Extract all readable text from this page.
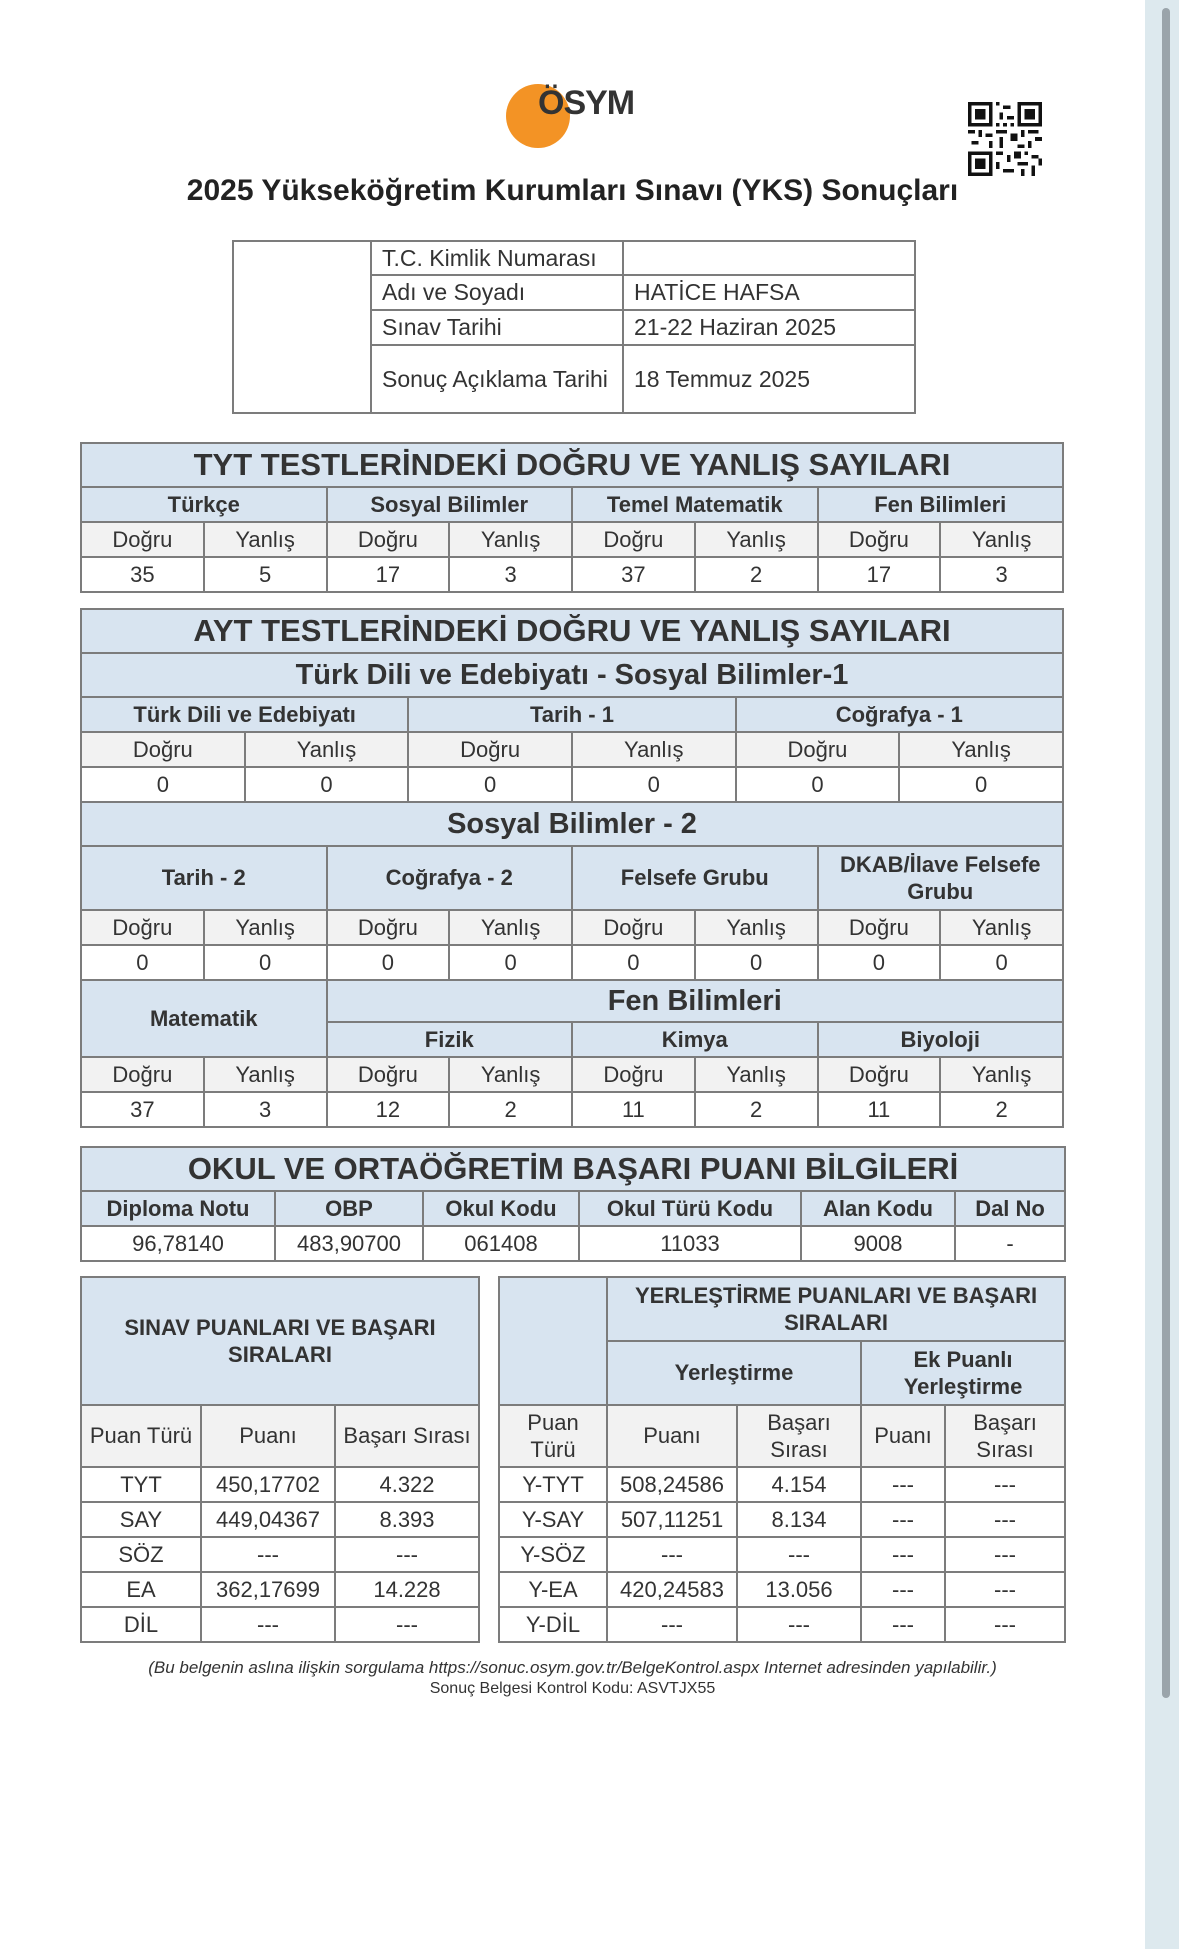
ÖSYM
2025 Yükseköğretim Kurumları Sınavı (YKS) Sonuçları
	T.C. Kimlik Numarası	
	Adı ve Soyadı	HATİCE HAFSA
	Sınav Tarihi	21-22 Haziran 2025
	Sonuç Açıklama Tarihi	18 Temmuz 2025
TYT TESTLERİNDEKİ DOĞRU VE YANLIŞ SAYILARI							
Türkçe		Sosyal Bilimler		Temel Matematik		Fen Bilimleri	
Doğru	Yanlış	Doğru	Yanlış	Doğru	Yanlış	Doğru	Yanlış
35	5	17	3	37	2	17	3
AYT TESTLERİNDEKİ DOĞRU VE YANLIŞ SAYILARI					
Türk Dili ve Edebiyatı - Sosyal Bilimler-1					
Türk Dili ve Edebiyatı		Tarih - 1		Coğrafya - 1	
Doğru	Yanlış	Doğru	Yanlış	Doğru	Yanlış
0	0	0	0	0	0
Sosyal Bilimler - 2							
Tarih - 2		Coğrafya - 2		Felsefe Grubu		DKAB/İlave Felsefe Grubu	
Doğru	Yanlış	Doğru	Yanlış	Doğru	Yanlış	Doğru	Yanlış
0	0	0	0	0	0	0	0
Matematik		Fen Bilimleri					
		Fizik		Kimya		Biyoloji	
Doğru	Yanlış	Doğru	Yanlış	Doğru	Yanlış	Doğru	Yanlış
37	3	12	2	11	2	11	2
OKUL VE ORTAÖĞRETİM BAŞARI PUANI BİLGİLERİ					
Diploma Notu	OBP	Okul Kodu	Okul Türü Kodu	Alan Kodu	Dal No
96,78140	483,90700	061408	11033	9008	-
SINAV PUANLARI VE BAŞARI SIRALARI		
Puan Türü	Puanı	Başarı Sırası
TYT	450,17702	4.322
SAY	449,04367	8.393
SÖZ	---	---
EA	362,17699	14.228
DİL	---	---
	YERLEŞTİRME PUANLARI VE BAŞARI SIRALARI			
	Yerleştirme		Ek Puanlı Yerleştirme	

Puan Türü	Puanı	Başarı Sırası	Puanı	Başarı Sırası
Y-TYT	508,24586	4.154	---	---
Y-SAY	507,11251	8.134	---	---
Y-SÖZ	---	---	---	---
Y-EA	420,24583	13.056	---	---
Y-DİL	---	---	---	---
(Bu belgenin aslına ilişkin sorgulama https://sonuc.osym.gov.tr/BelgeKontrol.aspx Internet adresinden yapılabilir.)
Sonuç Belgesi Kontrol Kodu: ASVTJX55
